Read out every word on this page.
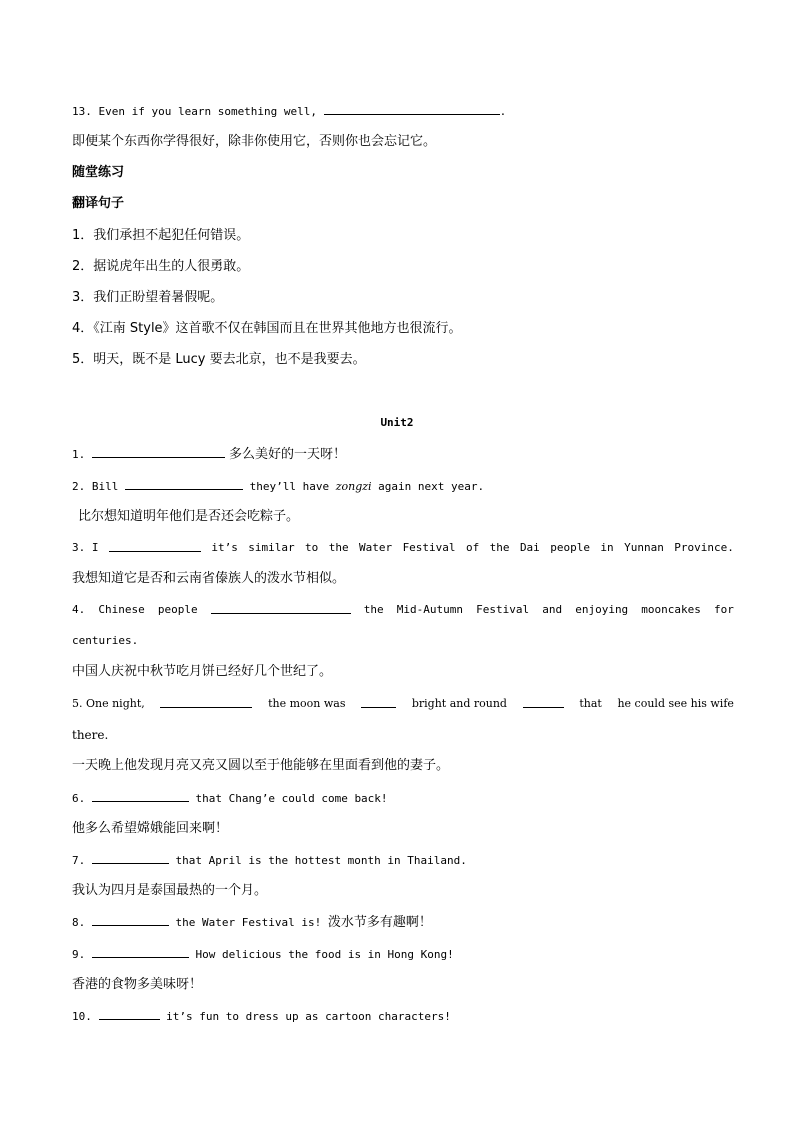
13. Even if you learn something well,	.
即便某个东西你学得很好，除非你使用它，否则你也会忘记它。
随堂练习
翻译句子
1．我们承担不起犯任何错误。
2．据说虎年出生的人很勇敢。
3．我们正盼望着暑假呢。
4．《江南 Style》这首歌不仅在韩国而且在世界其他地方也很流行。
5．明天，既不是 Lucy 要去北京，也不是我要去。
Unit2
1.	多么美好的一天呀！
2. Bill	they’ll have zongzi again next year.
比尔想知道明年他们是否还会吃粽子。
3. I	it’s similar to the Water Festival of the Dai people in Yunnan Province.
我想知道它是否和云南省傣族人的泼水节相似。
4. Chinese people	the Mid-Autumn Festival and enjoying mooncakes for
centuries.
中国人庆祝中秋节吃月饼已经好几个世纪了。
5. One night,	the moon was	bright and round	that he could see his wife
there.
一天晚上他发现月亮又亮又圆以至于他能够在里面看到他的妻子。
6.	that Chang’e could come back!
他多么希望嫦娥能回来啊！
7.	that April is the hottest month in Thailand.
我认为四月是泰国最热的一个月。
8.	the Water Festival is! 泼水节多有趣啊！
9.	How delicious the food is in Hong Kong!
香港的食物多美味呀！
10.	it’s fun to dress up as cartoon characters!
